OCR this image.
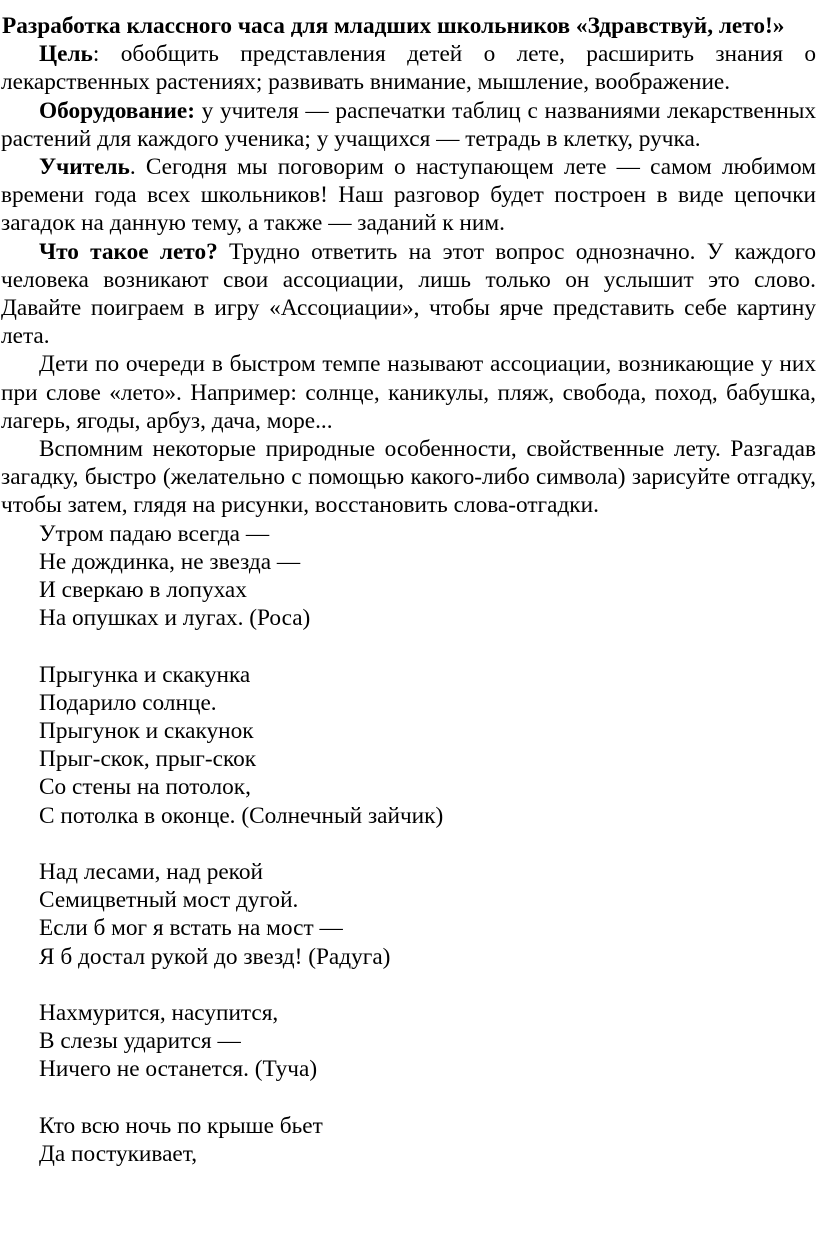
Разработка классного часа для младших школьников «Здравствуй, лето!»

Цель: обобщить представления детей о лете, расширить знания о лекарственных растениях; развивать внимание, мышление, воображение.

Оборудование: у учителя — распечатки таблиц с названиями лекарственных растений для каждого ученика; у учащихся — тетрадь в клетку, ручка.

Учитель. Сегодня мы поговорим о наступающем лете — самом любимом времени года всех школьников! Наш разговор будет построен в виде цепочки загадок на данную тему, а также — заданий к ним.

Что такое лето? Трудно ответить на этот вопрос однозначно. У каждого человека возникают свои ассоциации, лишь только он услышит это слово. Давайте поиграем в игру «Ассоциации», чтобы ярче представить себе картину лета.

Дети по очереди в быстром темпе называют ассоциации, возникающие у них при слове «лето». Например: солнце, каникулы, пляж, свобода, поход, бабушка, лагерь, ягоды, арбуз, дача, море...

Вспомним некоторые природные особенности, свойственные лету. Разгадав загадку, быстро (желательно с помощью какого-либо символа) зарисуйте отгадку, чтобы затем, глядя на рисунки, восстановить слова-отгадки.

Утром падаю всегда —
Не дождинка, не звезда —
И сверкаю в лопухах
На опушках и лугах. (Роса)
Прыгунка и скакунка
Подарило солнце.
Прыгунок и скакунок
Прыг-скок, прыг-скок
Со стены на потолок,
С потолка в оконце. (Солнечный зайчик)
Над лесами, над рекой
Семицветный мост дугой.
Если б мог я встать на мост —
Я б достал рукой до звезд! (Радуга)
Нахмурится, насупится,
В слезы ударится —
Ничего не останется. (Туча)
Кто всю ночь по крыше бьет
Да постукивает,
